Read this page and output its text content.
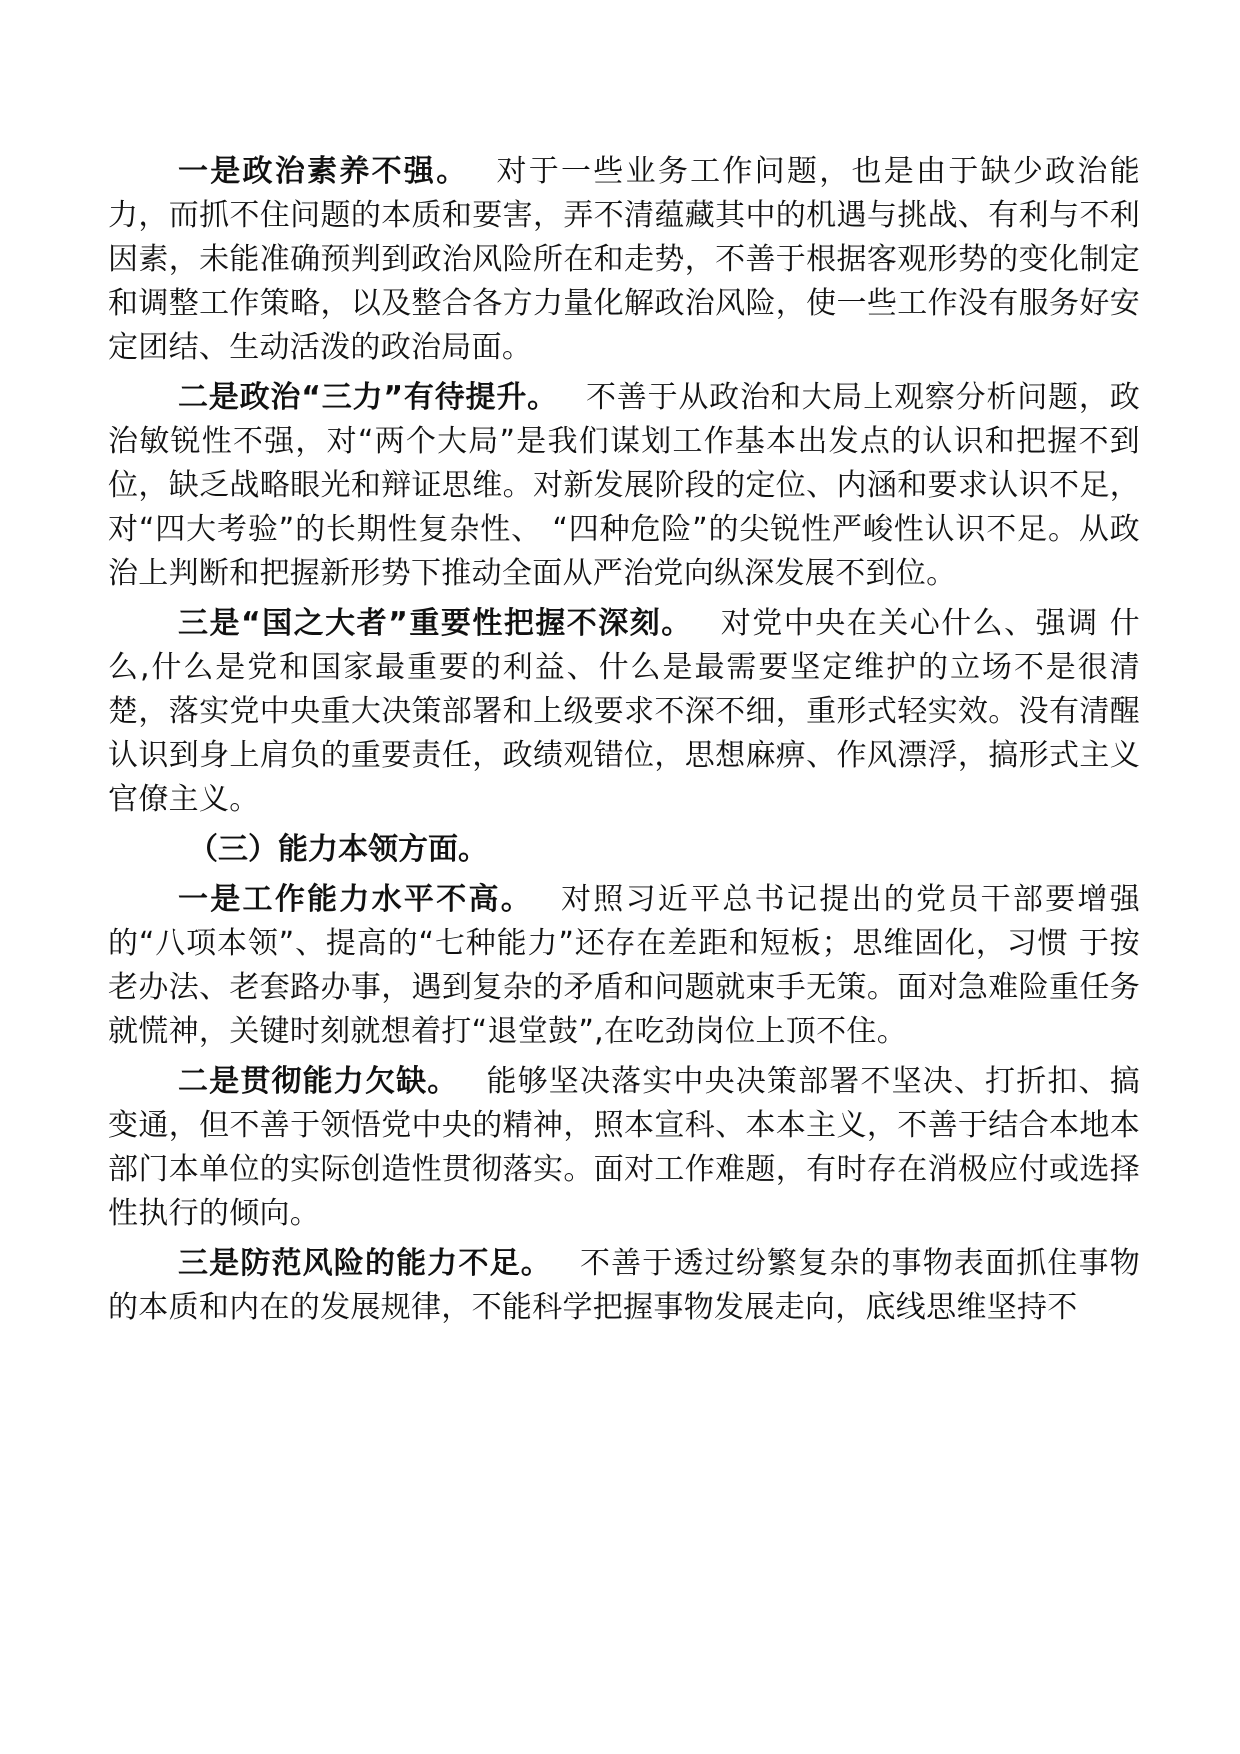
一是政治素养不强。 对于一些业务工作问题，也是由于缺少政治能力，而抓不住问题的本质和要害，弄不清蕴藏其中的机遇与挑战、有利与不利因素，未能准确预判到政治风险所在和走势，不善于根据客观形势的变化制定和调整工作策略，以及整合各方力量化解政治风险，使一些工作没有服务好安定团结、生动活泼的政治局面。

二是政治“三力”有待提升。 不善于从政治和大局上观察分析问题，政治敏锐性不强，对“两个大局”是我们谋划工作基本出发点的认识和把握不到位，缺乏战略眼光和辩证思维。对新发展阶段的定位、内涵和要求认识不足，对“四大考验”的长期性复杂性、 “四种危险”的尖锐性严峻性认识不足。从政治上判断和把握新形势下推动全面从严治党向纵深发展不到位。

三是“国之大者”重要性把握不深刻。 对党中央在关心什么、强调 什么,什么是党和国家最重要的利益、什么是最需要坚定维护的立场不是很清楚，落实党中央重大决策部署和上级要求不深不细，重形式轻实效。没有清醒认识到身上肩负的重要责任，政绩观错位，思想麻痹、作风漂浮，搞形式主义官僚主义。

（三）能力本领方面。

一是工作能力水平不高。 对照习近平总书记提出的党员干部要增强的“八项本领”、提高的“七种能力”还存在差距和短板；思维固化，习惯 于按老办法、老套路办事，遇到复杂的矛盾和问题就束手无策。面对急难险重任务就慌神，关键时刻就想着打“退堂鼓”,在吃劲岗位上顶不住。

二是贯彻能力欠缺。 能够坚决落实中央决策部署不坚决、打折扣、搞变通，但不善于领悟党中央的精神，照本宣科、本本主义，不善于结合本地本部门本单位的实际创造性贯彻落实。面对工作难题，有时存在消极应付或选择性执行的倾向。

三是防范风险的能力不足。 不善于透过纷繁复杂的事物表面抓住事物的本质和内在的发展规律，不能科学把握事物发展走向，底线思维坚持不
